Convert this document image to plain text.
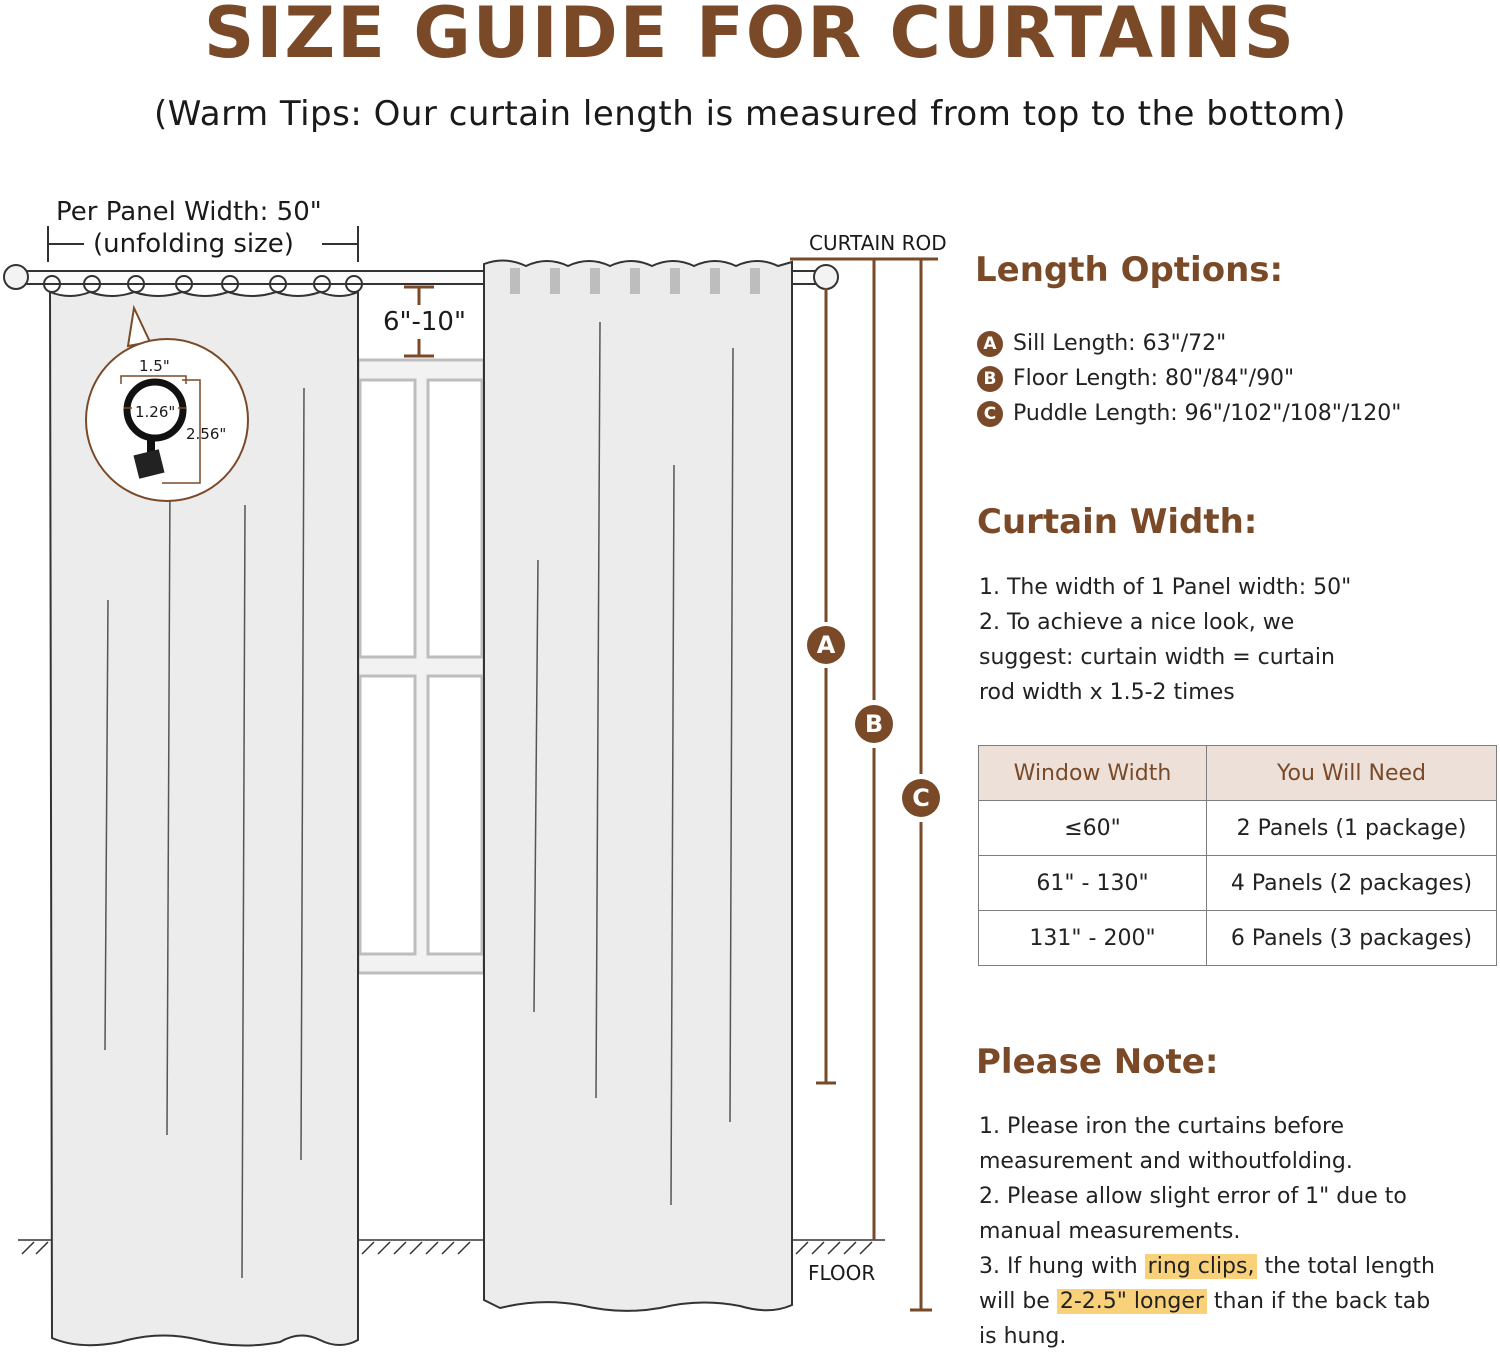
SIZE GUIDE FOR CURTAINS
(Warm Tips: Our curtain length is measured from top to the bottom)
Per Panel Width: 50"
(unfolding size)	CURTAIN ROD
6"-10"
FLOOR
1.5"
1.26"
2.56"
A
B
C
Length Options:
A Sill Length: 63"/72"
B Floor Length: 80"/84"/90"
C Puddle Length: 96"/102"/108"/120"
Curtain Width:
1. The width of 1 Panel width: 50"
2. To achieve a nice look, we
suggest: curtain width = curtain
rod width x 1.5-2 times
Window Width	You Will Need
≤60"	2 Panels (1 package)
61" - 130"	4 Panels (2 packages)
131" - 200"	6 Panels (3 packages)
Please Note:
1. Please iron the curtains before
measurement and withoutfolding.
2. Please allow slight error of 1" due to
manual measurements.
3. If hung with ring clips, the total length
will be 2-2.5" longer than if the back tab
is hung.
